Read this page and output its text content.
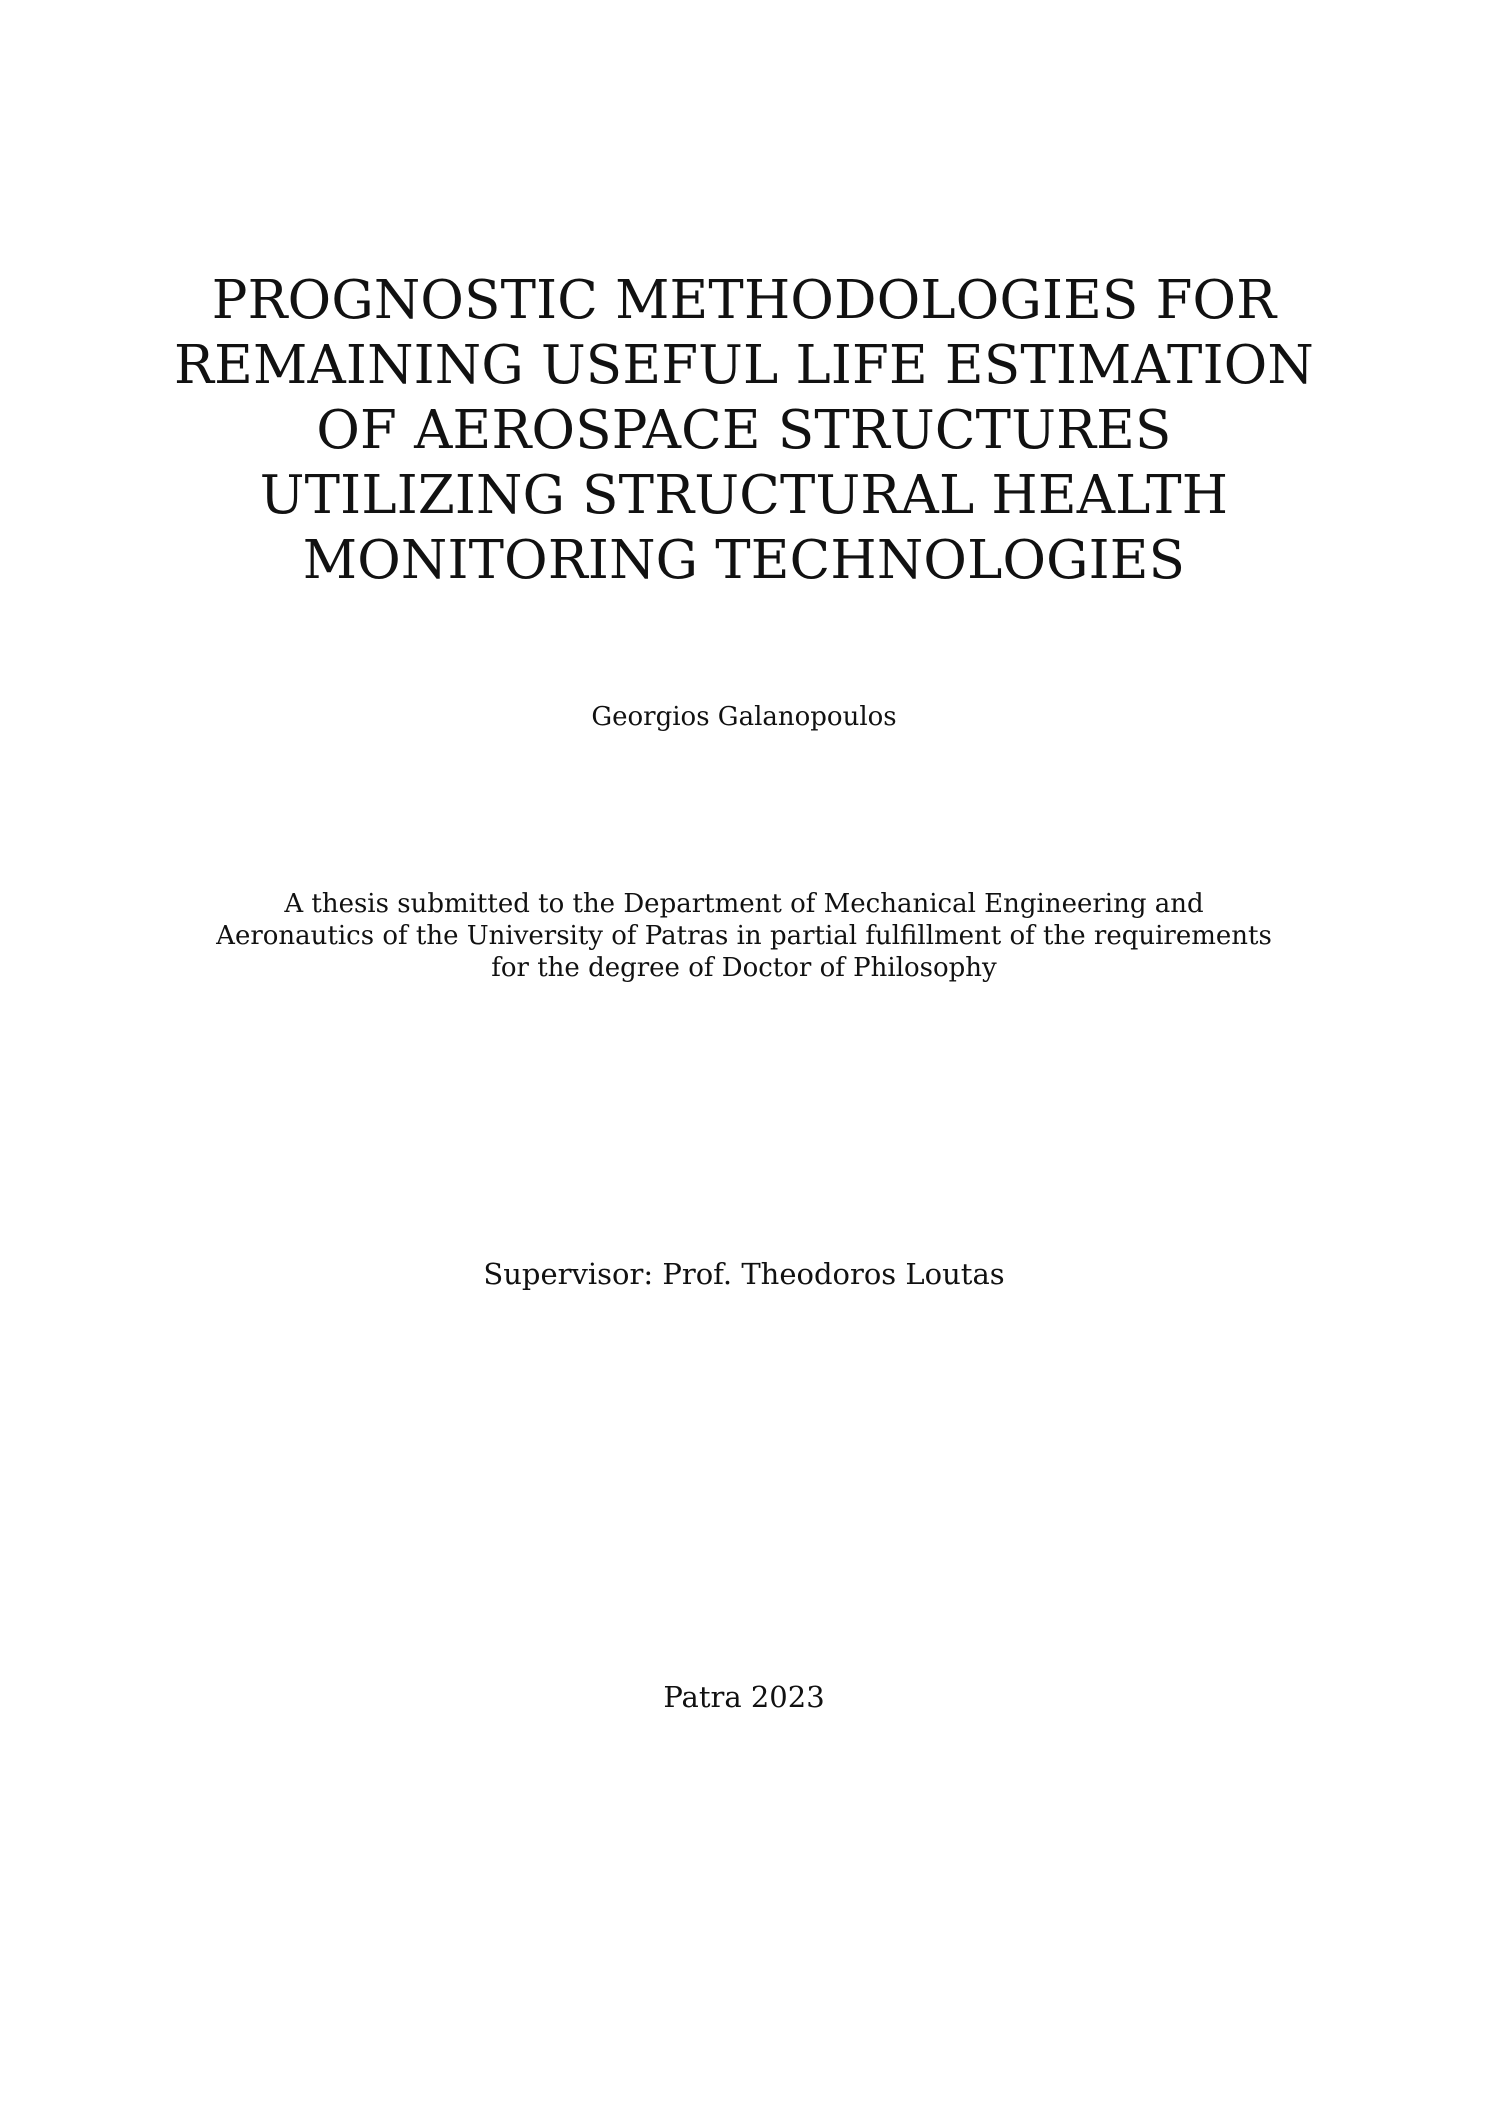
PROGNOSTIC METHODOLOGIES FOR
REMAINING USEFUL LIFE ESTIMATION
OF AEROSPACE STRUCTURES
UTILIZING STRUCTURAL HEALTH
MONITORING TECHNOLOGIES
Georgios Galanopoulos
A thesis submitted to the Department of Mechanical Engineering and
Aeronautics of the University of Patras in partial fulfillment of the requirements
for the degree of Doctor of Philosophy
Supervisor: Prof. Theodoros Loutas
Patra 2023
